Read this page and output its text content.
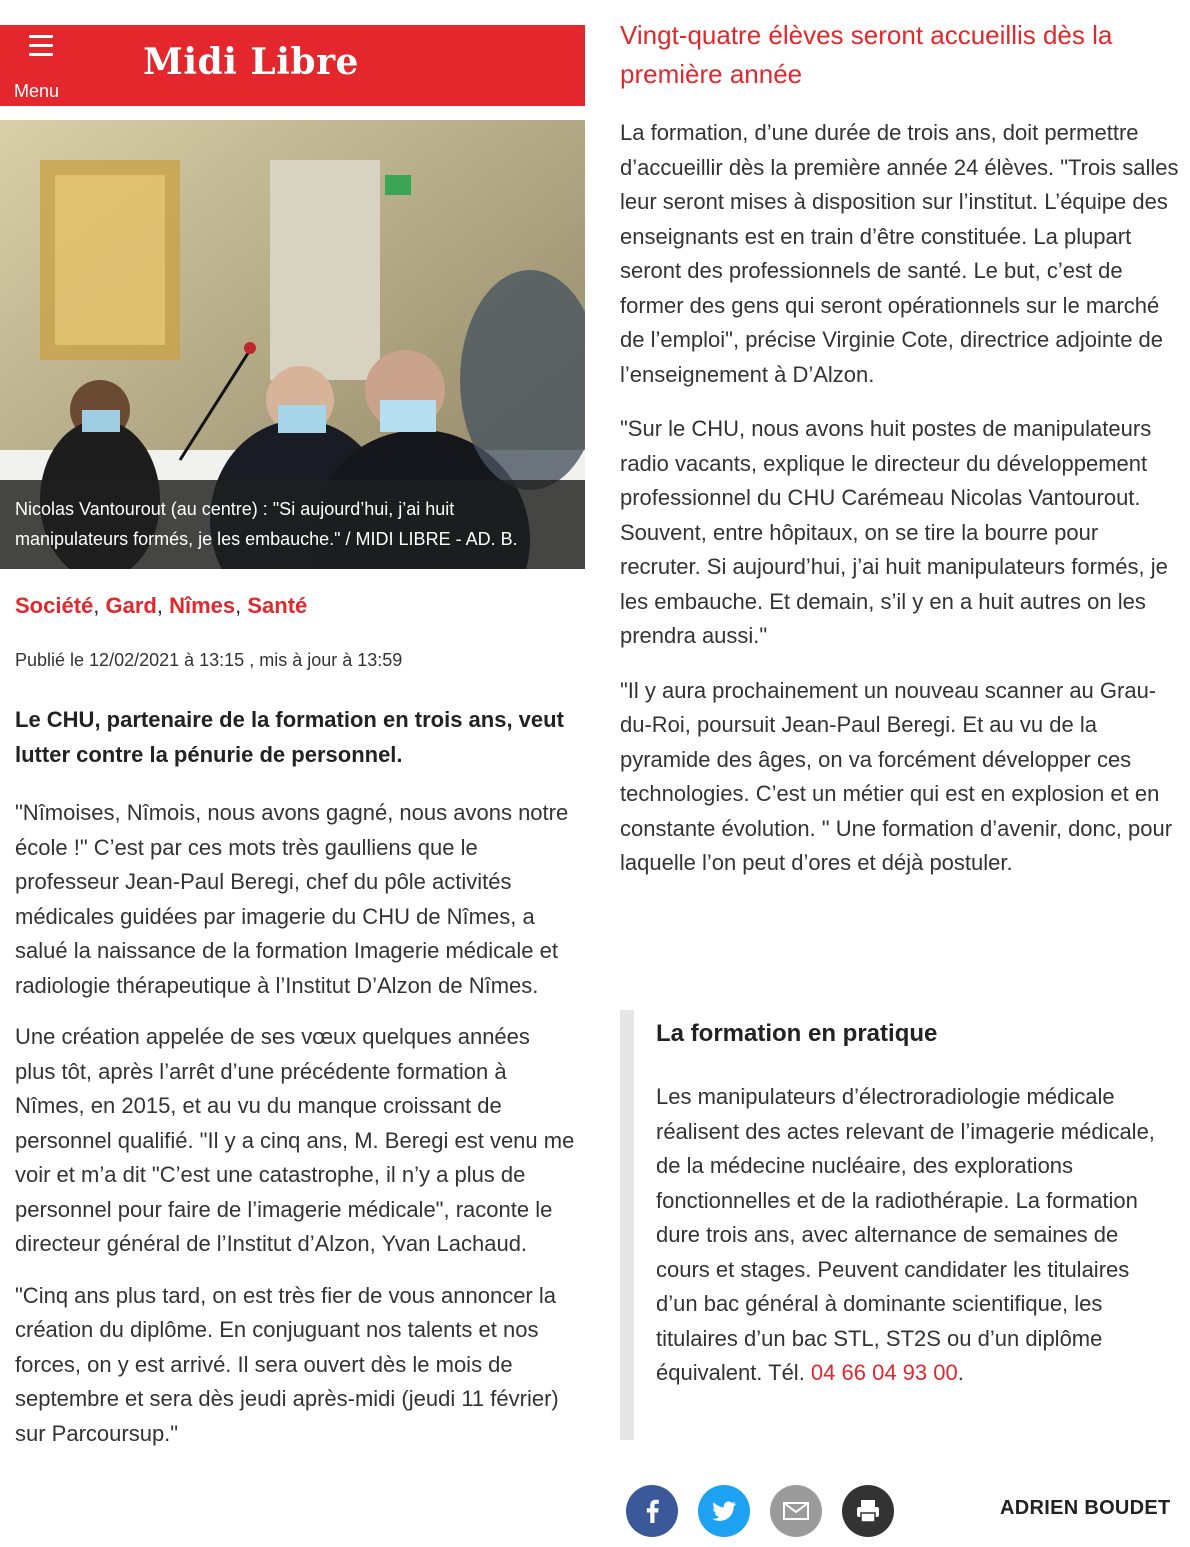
Menu
Midi Libre
Nicolas Vantourout (au centre) : "Si aujourd’hui, j’ai huit manipulateurs formés, je les embauche." / MIDI LIBRE - AD. B.
Société, Gard, Nîmes, Santé
Publié le 12/02/2021 à 13:15 , mis à jour à 13:59

Le CHU, partenaire de la formation en trois ans, veut lutter contre la pénurie de personnel.

"Nîmoises, Nîmois, nous avons gagné, nous avons notre école !" C’est par ces mots très gaulliens que le professeur Jean-Paul Beregi, chef du pôle activités médicales guidées par imagerie du CHU de Nîmes, a salué la naissance de la formation Imagerie médicale et radiologie thérapeutique à l’Institut D’Alzon de Nîmes.

Une création appelée de ses vœux quelques années plus tôt, après l’arrêt d’une précédente formation à Nîmes, en 2015, et au vu du manque croissant de personnel qualifié. "Il y a cinq ans, M. Beregi est venu me voir et m’a dit "C’est une catastrophe, il n’y a plus de personnel pour faire de l’imagerie médicale", raconte le directeur général de l’Institut d’Alzon, Yvan Lachaud.

"Cinq ans plus tard, on est très fier de vous annoncer la création du diplôme. En conjuguant nos talents et nos forces, on y est arrivé. Il sera ouvert dès le mois de septembre et sera dès jeudi après-midi (jeudi 11 février) sur Parcoursup."

Vingt-quatre élèves seront accueillis dès la première année

La formation, d’une durée de trois ans, doit permettre d’accueillir dès la première année 24 élèves. "Trois salles leur seront mises à disposition sur l’institut. L’équipe des enseignants est en train d’être constituée. La plupart seront des professionnels de santé. Le but, c’est de former des gens qui seront opérationnels sur le marché de l’emploi", précise Virginie Cote, directrice adjointe de l’enseignement à D’Alzon.

"Sur le CHU, nous avons huit postes de manipulateurs radio vacants, explique le directeur du développement professionnel du CHU Carémeau Nicolas Vantourout. Souvent, entre hôpitaux, on se tire la bourre pour recruter. Si aujourd’hui, j’ai huit manipulateurs formés, je les embauche. Et demain, s’il y en a huit autres on les prendra aussi."

"Il y aura prochainement un nouveau scanner au Grau-du-Roi, poursuit Jean-Paul Beregi. Et au vu de la pyramide des âges, on va forcément développer ces technologies. C’est un métier qui est en explosion et en constante évolution. " Une formation d’avenir, donc, pour laquelle l’on peut d’ores et déjà postuler.

La formation en pratique

Les manipulateurs d’électroradiologie médicale réalisent des actes relevant de l’imagerie médicale, de la médecine nucléaire, des explorations fonctionnelles et de la radiothérapie. La formation dure trois ans, avec alternance de semaines de cours et stages. Peuvent candidater les titulaires d’un bac général à dominante scientifique, les titulaires d’un bac STL, ST2S ou d’un diplôme équivalent. Tél. 04 66 04 93 00.

ADRIEN BOUDET
